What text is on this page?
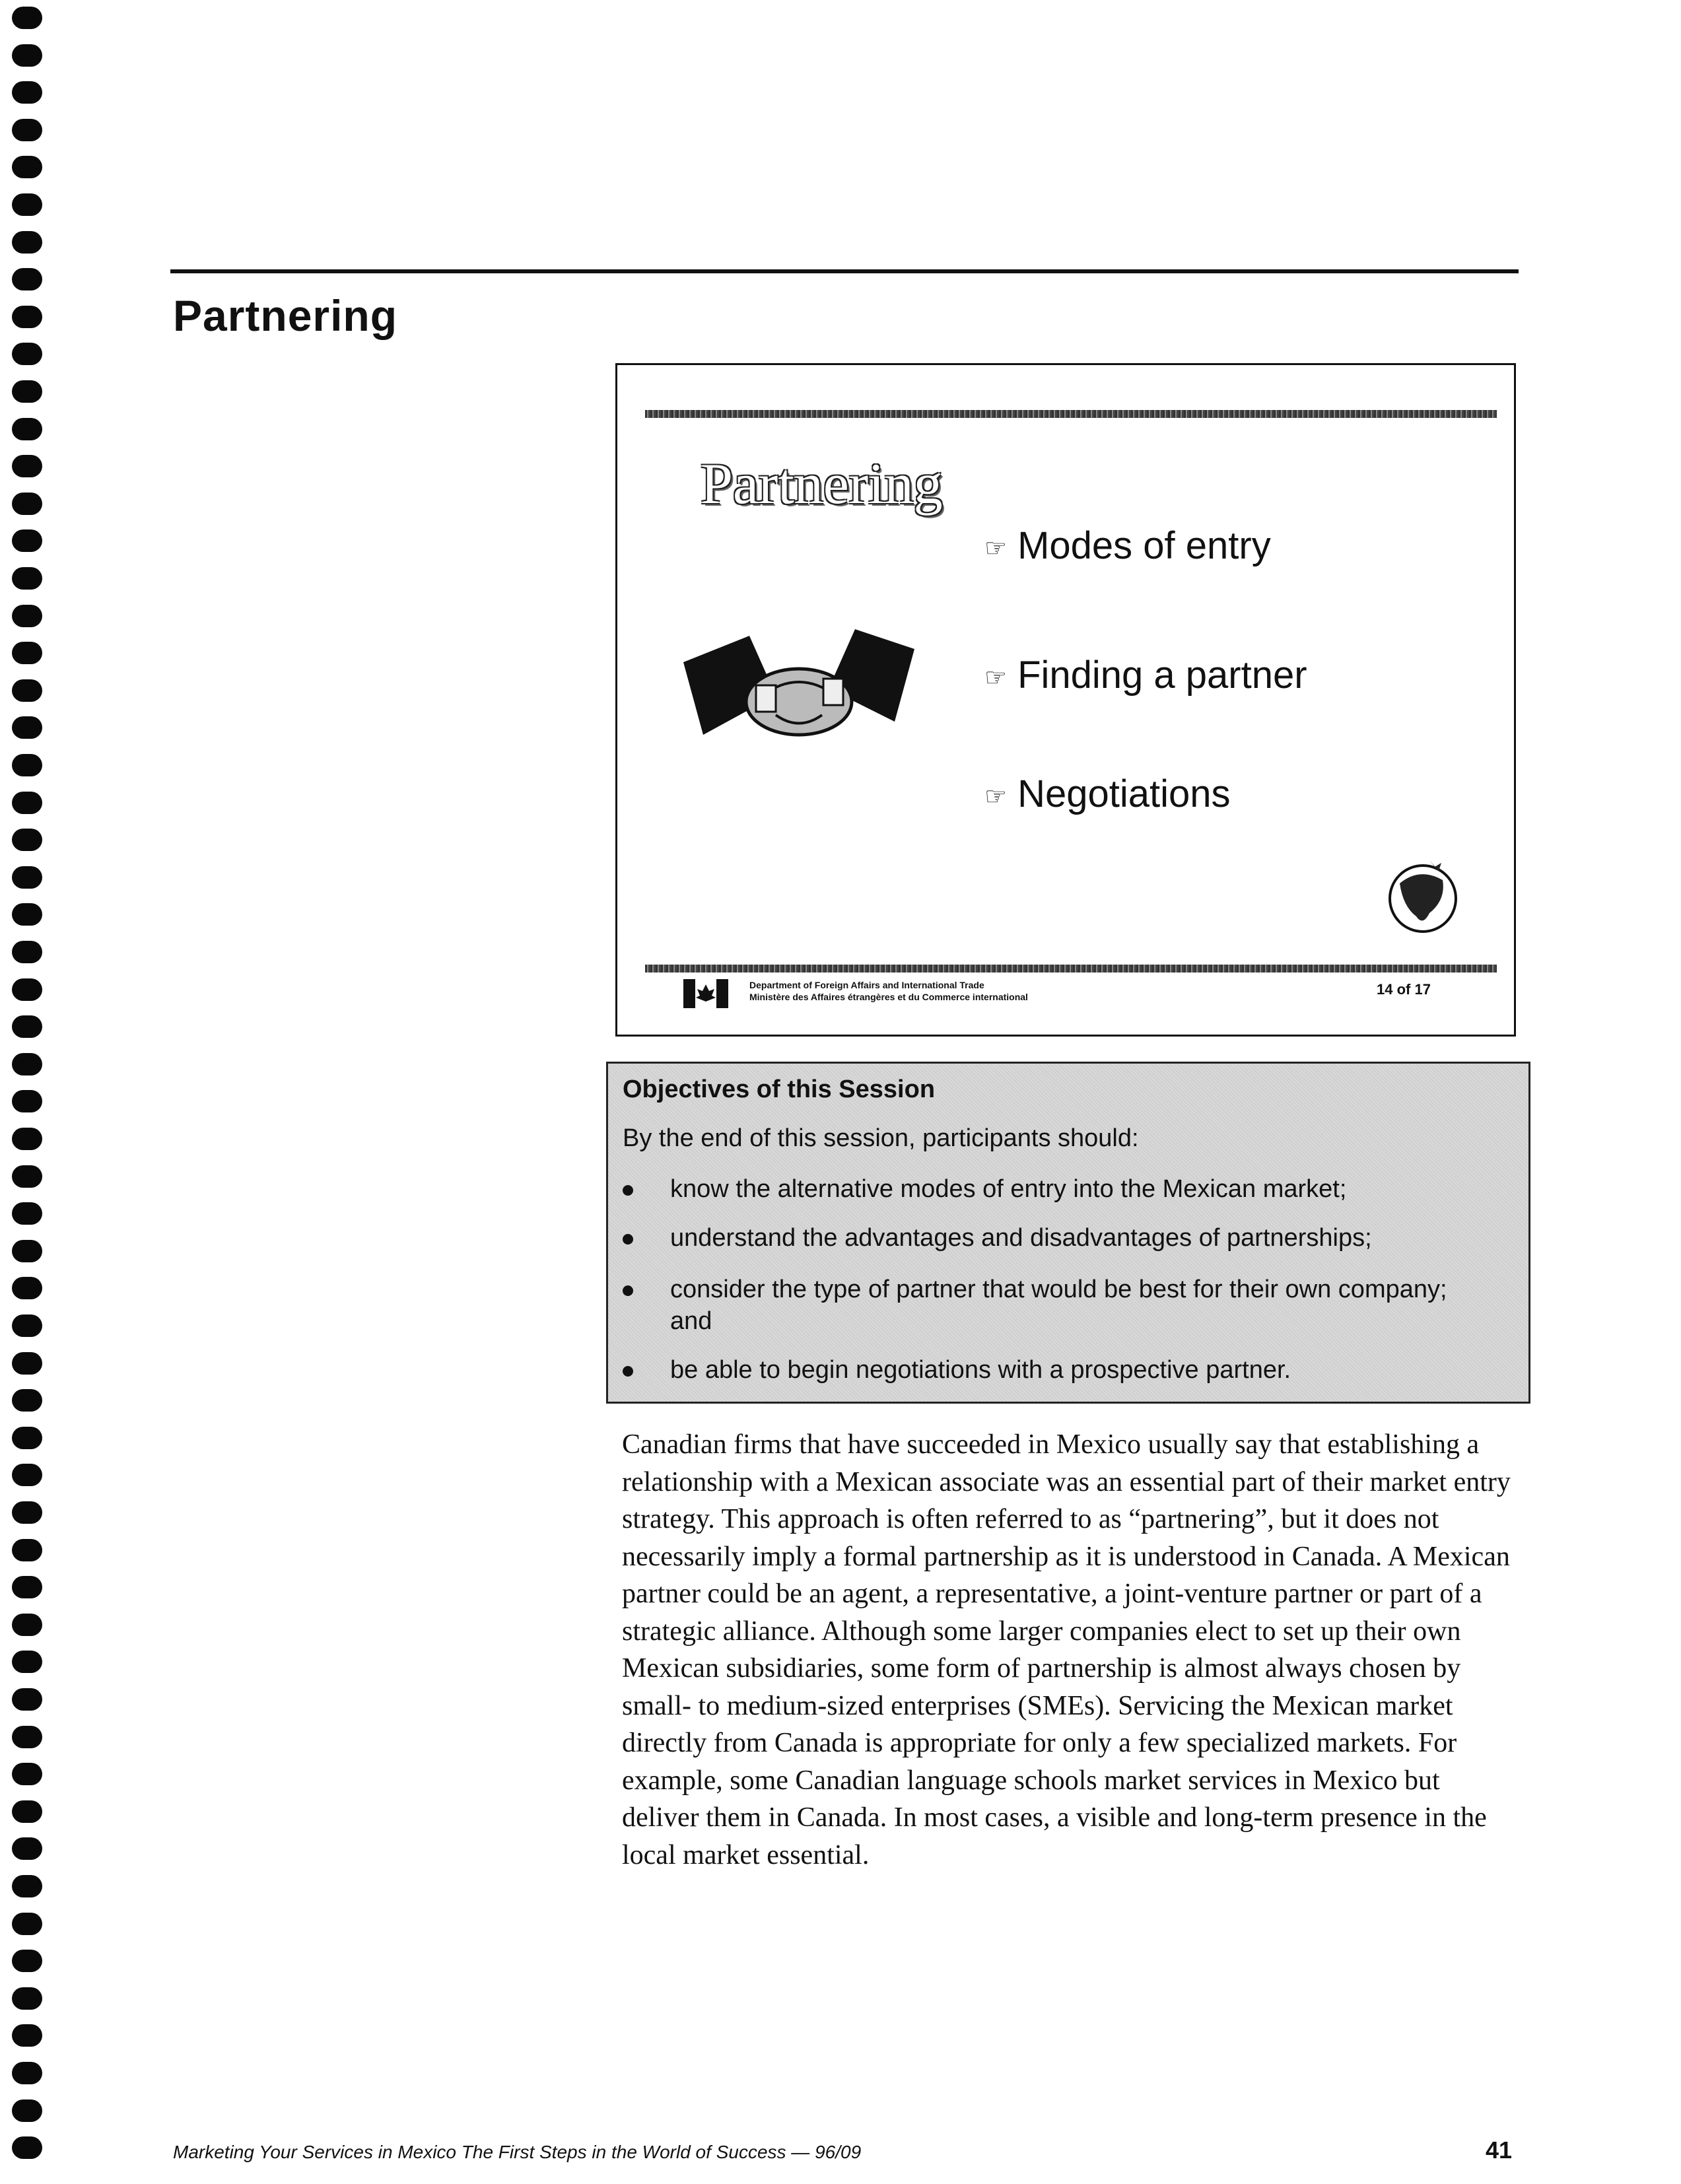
Partnering
Partnering
☞ Modes of entry
☞ Finding a partner
☞ Negotiations
Department of Foreign Affairs and International Trade
Ministère des Affaires étrangères et du Commerce international	14 of 17
Objectives of this Session
By the end of this session, participants should:
know the alternative modes of entry into the Mexican market;
understand the advantages and disadvantages of partnerships;
consider the type of partner that would be best for their own company; and
be able to begin negotiations with a prospective partner.

Canadian firms that have succeeded in Mexico usually say that establishing a relationship with a Mexican associate was an essential part of their market entry strategy. This approach is often referred to as “partnering”, but it does not necessarily imply a formal partnership as it is understood in Canada. A Mexican partner could be an agent, a representative, a joint-venture partner or part of a strategic alliance. Although some larger companies elect to set up their own Mexican subsidiaries, some form of partnership is almost always chosen by small- to medium-sized enterprises (SMEs). Servicing the Mexican market directly from Canada is appropriate for only a few specialized markets. For example, some Canadian language schools market services in Mexico but deliver them in Canada. In most cases, a visible and long-term presence in the local market essential.

Marketing Your Services in Mexico The First Steps in the World of Success — 96/09	41
